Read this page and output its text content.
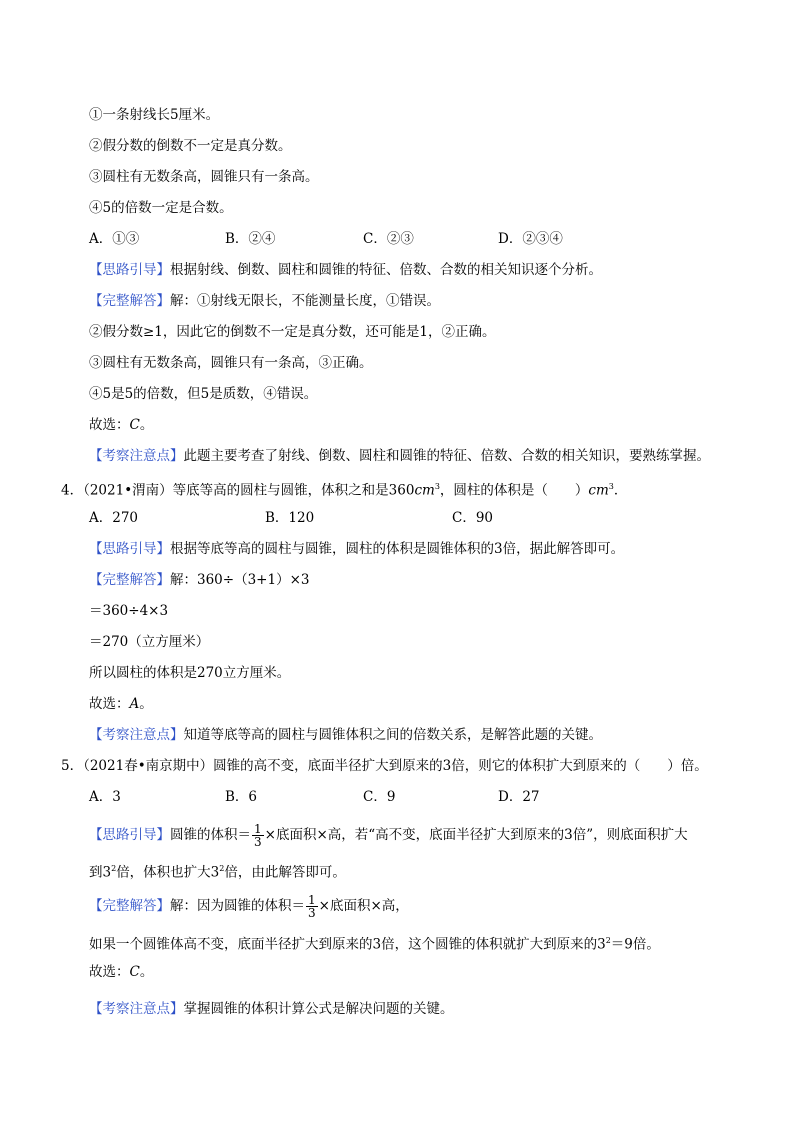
①一条射线长5厘米。
②假分数的倒数不一定是真分数。
③圆柱有无数条高，圆锥只有一条高。
④5的倍数一定是合数。
A．①③	B．②④	C．②③	D．②③④
【思路引导】根据射线、倒数、圆柱和圆锥的特征、倍数、合数的相关知识逐个分析。
【完整解答】解：①射线无限长，不能测量长度，①错误。
②假分数≥1，因此它的倒数不一定是真分数，还可能是1，②正确。
③圆柱有无数条高，圆锥只有一条高，③正确。
④5是5的倍数，但5是质数，④错误。
故选：C。
【考察注意点】此题主要考查了射线、倒数、圆柱和圆锥的特征、倍数、合数的相关知识，要熟练掌握。
4．（2021•渭南）等底等高的圆柱与圆锥，体积之和是$360cm^3$，圆柱的体积是（　　）$cm^3$．
A．270	B．120	C．90
【思路引导】根据等底等高的圆柱与圆锥，圆柱的体积是圆锥体积的3倍，据此解答即可。
【完整解答】解：360÷（3+1）×3
＝360÷4×3
＝270（立方厘米）
所以圆柱的体积是270立方厘米。
故选：A。
【考察注意点】知道等底等高的圆柱与圆锥体积之间的倍数关系，是解答此题的关键。
5．（2021春•南京期中）圆锥的高不变，底面半径扩大到原来的3倍，则它的体积扩大到原来的（　　）倍。
A．3	B．6	C．9	D．27
【思路引导】圆锥的体积＝ $\frac{1}{3}$ ×底面积×高，若“高不变，底面半径扩大到原来的3倍”，则底面积扩大
到$3^2$倍，体积也扩大$3^2$倍，由此解答即可。
【完整解答】解：因为圆锥的体积＝ $\frac{1}{3}$ ×底面积×高，
如果一个圆锥体高不变，底面半径扩大到原来的3倍，这个圆锥的体积就扩大到原来的$3^2=9$倍。
故选：C。
【考察注意点】掌握圆锥的体积计算公式是解决问题的关键。
